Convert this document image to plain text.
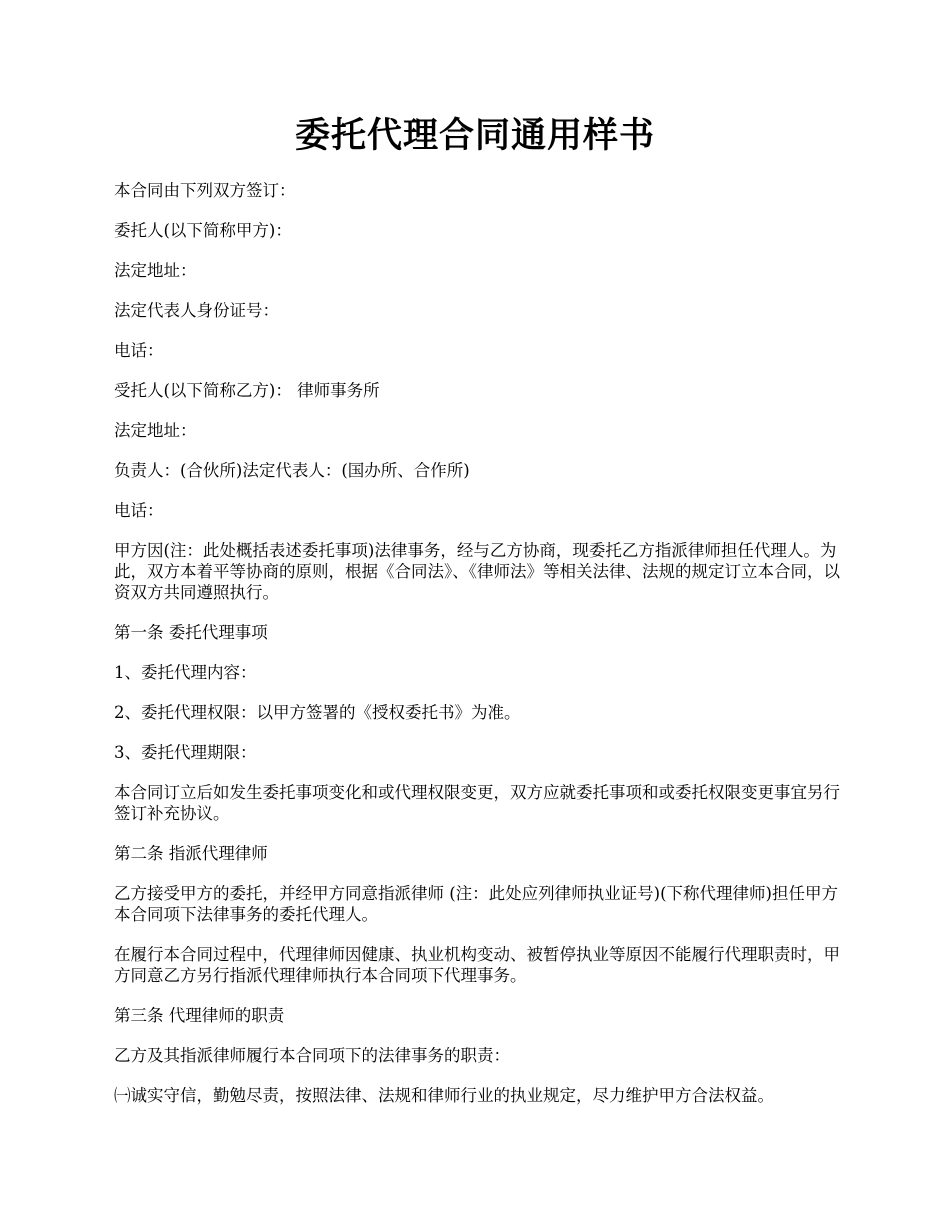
委托代理合同通用样书

本合同由下列双方签订：

委托人(以下简称甲方)：

法定地址：

法定代表人身份证号：

电话：

受托人(以下简称乙方)： 律师事务所

法定地址：

负责人：(合伙所)法定代表人：(国办所、合作所)

电话：

甲方因(注：此处概括表述委托事项)法律事务，经与乙方协商，现委托乙方指派律师担任代理人。为此，双方本着平等协商的原则，根据《合同法》、《律师法》等相关法律、法规的规定订立本合同，以资双方共同遵照执行。

第一条 委托代理事项

1、委托代理内容：

2、委托代理权限：以甲方签署的《授权委托书》为准。

3、委托代理期限：

本合同订立后如发生委托事项变化和或代理权限变更，双方应就委托事项和或委托权限变更事宜另行签订补充协议。

第二条 指派代理律师

乙方接受甲方的委托，并经甲方同意指派律师 (注：此处应列律师执业证号)(下称代理律师)担任甲方本合同项下法律事务的委托代理人。

在履行本合同过程中，代理律师因健康、执业机构变动、被暂停执业等原因不能履行代理职责时，甲方同意乙方另行指派代理律师执行本合同项下代理事务。

第三条 代理律师的职责

乙方及其指派律师履行本合同项下的法律事务的职责：

㈠诚实守信，勤勉尽责，按照法律、法规和律师行业的执业规定，尽力维护甲方合法权益。
